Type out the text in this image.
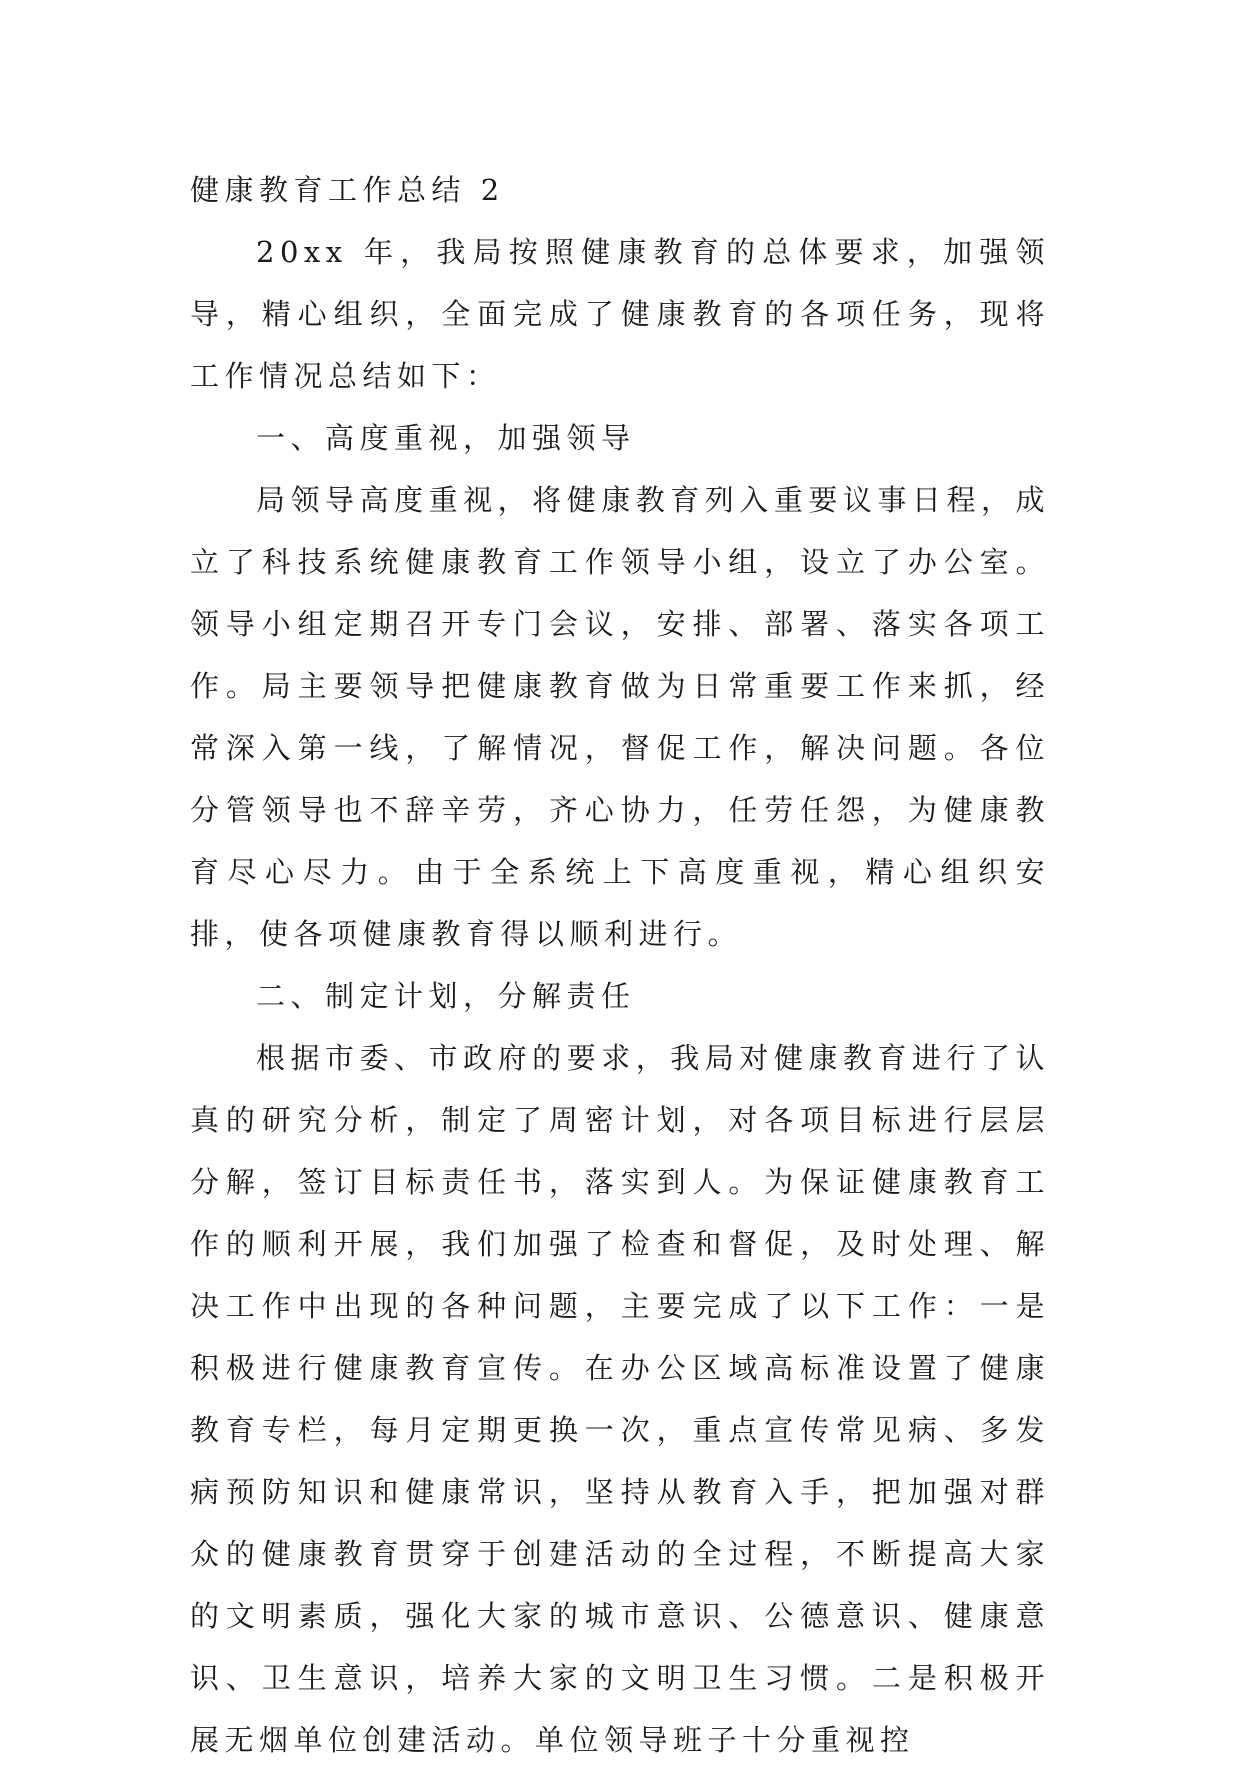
健康教育工作总结 2

20xx 年，我局按照健康教育的总体要求，加强领导，精心组织，全面完成了健康教育的各项任务，现将工作情况总结如下：

一、高度重视，加强领导

局领导高度重视，将健康教育列入重要议事日程，成立了科技系统健康教育工作领导小组，设立了办公室。领导小组定期召开专门会议，安排、部署、落实各项工作。局主要领导把健康教育做为日常重要工作来抓，经常深入第一线，了解情况，督促工作，解决问题。各位分管领导也不辞辛劳，齐心协力，任劳任怨，为健康教育尽心尽力。由于全系统上下高度重视，精心组织安排，使各项健康教育得以顺利进行。

二、制定计划，分解责任

根据市委、市政府的要求，我局对健康教育进行了认真的研究分析，制定了周密计划，对各项目标进行层层分解，签订目标责任书，落实到人。为保证健康教育工作的顺利开展，我们加强了检查和督促，及时处理、解决工作中出现的各种问题，主要完成了以下工作：一是积极进行健康教育宣传。在办公区域高标准设置了健康教育专栏，每月定期更换一次，重点宣传常见病、多发病预防知识和健康常识，坚持从教育入手，把加强对群众的健康教育贯穿于创建活动的全过程，不断提高大家的文明素质，强化大家的城市意识、公德意识、健康意识、卫生意识，培养大家的文明卫生习惯。二是积极开展无烟单位创建活动。单位领导班子十分重视控
